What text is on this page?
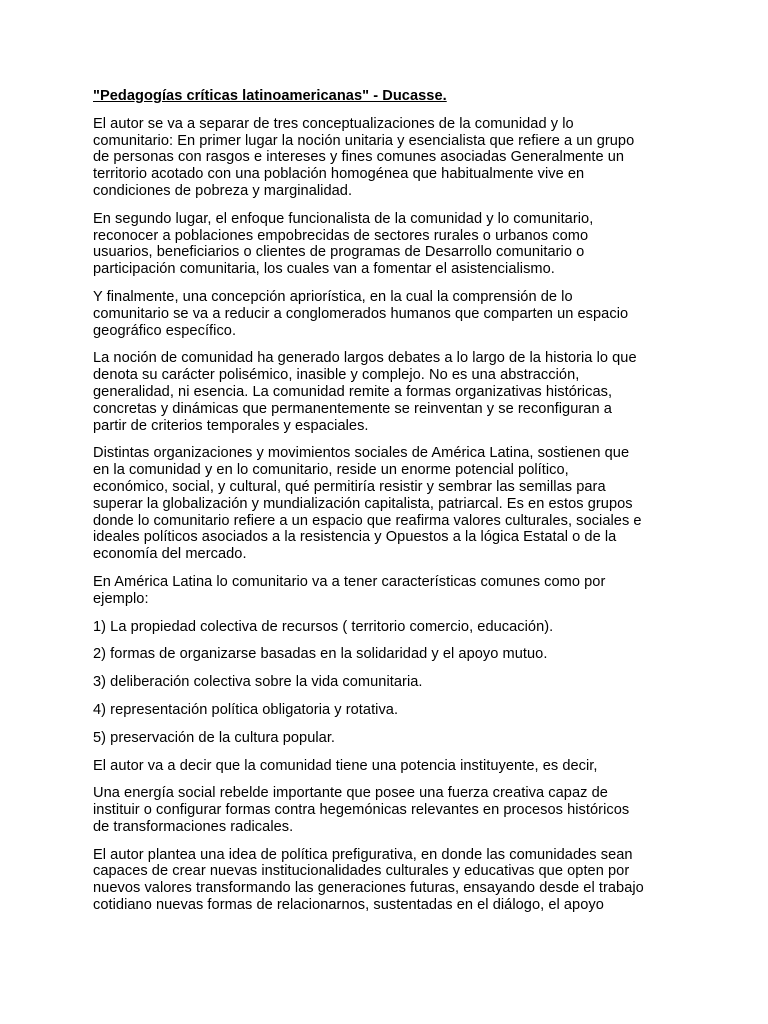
"Pedagogías críticas latinoamericanas" - Ducasse.

El autor se va a separar de tres conceptualizaciones de la comunidad y lo
comunitario: En primer lugar la noción unitaria y esencialista que refiere a un grupo
de personas con rasgos e intereses y fines comunes asociadas Generalmente un
territorio acotado con una población homogénea que habitualmente vive en
condiciones de pobreza y marginalidad.

En segundo lugar, el enfoque funcionalista de la comunidad y lo comunitario,
reconocer a poblaciones empobrecidas de sectores rurales o urbanos como
usuarios, beneficiarios o clientes de programas de Desarrollo comunitario o
participación comunitaria, los cuales van a fomentar el asistencialismo.

Y finalmente, una concepción apriorística, en la cual la comprensión de lo
comunitario se va a reducir a conglomerados humanos que comparten un espacio
geográfico específico.

La noción de comunidad ha generado largos debates a lo largo de la historia lo que
denota su carácter polisémico, inasible y complejo. No es una abstracción,
generalidad, ni esencia. La comunidad remite a formas organizativas históricas,
concretas y dinámicas que permanentemente se reinventan y se reconfiguran a
partir de criterios temporales y espaciales.

Distintas organizaciones y movimientos sociales de América Latina, sostienen que
en la comunidad y en lo comunitario, reside un enorme potencial político,
económico, social, y cultural, qué permitiría resistir y sembrar las semillas para
superar la globalización y mundialización capitalista, patriarcal. Es en estos grupos
donde lo comunitario refiere a un espacio que reafirma valores culturales, sociales e
ideales políticos asociados a la resistencia y Opuestos a la lógica Estatal o de la
economía del mercado.

En América Latina lo comunitario va a tener características comunes como por
ejemplo:

1) La propiedad colectiva de recursos ( territorio comercio, educación).

2) formas de organizarse basadas en la solidaridad y el apoyo mutuo.

3) deliberación colectiva sobre la vida comunitaria.

4) representación política obligatoria y rotativa.

5) preservación de la cultura popular.

El autor va a decir que la comunidad tiene una potencia instituyente, es decir,

Una energía social rebelde importante que posee una fuerza creativa capaz de
instituir o configurar formas contra hegemónicas relevantes en procesos históricos
de transformaciones radicales.

El autor plantea una idea de política prefigurativa, en donde las comunidades sean
capaces de crear nuevas institucionalidades culturales y educativas que opten por
nuevos valores transformando las generaciones futuras, ensayando desde el trabajo
cotidiano nuevas formas de relacionarnos, sustentadas en el diálogo, el apoyo
